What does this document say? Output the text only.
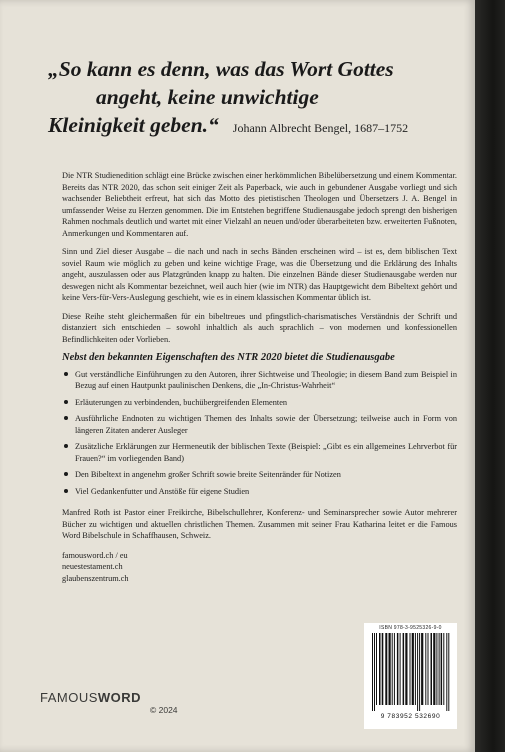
„So kann es denn, was das Wort Gottes
angeht, keine unwichtige
Kleinigkeit geben.“ Johann Albrecht Bengel, 1687–1752

Die NTR Studienedition schlägt eine Brücke zwischen einer herkömmlichen Bibelübersetzung und einem Kommentar. Bereits das NTR 2020, das schon seit einiger Zeit als Paperback, wie auch in gebundener Ausgabe vorliegt und sich wachsender Beliebtheit erfreut, hat sich das Motto des pietistischen Theologen und Übersetzers J. A. Bengel in umfassender Weise zu Herzen genommen. Die im Entstehen begriffene Studienausgabe jedoch sprengt den bisherigen Rahmen nochmals deutlich und wartet mit einer Vielzahl an neuen und/oder überarbeiteten bzw. erweiterten Fußnoten, Anmerkungen und Kommentaren auf.

Sinn und Ziel dieser Ausgabe – die nach und nach in sechs Bänden erscheinen wird – ist es, dem biblischen Text soviel Raum wie möglich zu geben und keine wichtige Frage, was die Übersetzung und die Erklärung des Inhalts angeht, auszulassen oder aus Platzgründen knapp zu halten. Die einzelnen Bände dieser Studienausgabe werden nur deswegen nicht als Kommentar bezeichnet, weil auch hier (wie im NTR) das Hauptgewicht dem Bibeltext gehört und keine Vers-für-Vers-Auslegung geschieht, wie es in einem klassischen Kommentar üblich ist.

Diese Reihe steht gleichermaßen für ein bibeltreues und pfingstlich-charismatisches Verständnis der Schrift und distanziert sich entschieden – sowohl inhaltlich als auch sprachlich – von modernen und konfessionellen Befindlichkeiten oder Vorlieben.

Nebst den bekannten Eigenschaften des NTR 2020 bietet die Studienausgabe
Gut verständliche Einführungen zu den Autoren, ihrer Sichtweise und Theologie; in diesem Band zum Beispiel in Bezug auf einen Hautpunkt paulinischen Denkens, die „In-Christus-Wahrheit“
Erläuterungen zu verbindenden, buchübergreifenden Elementen
Ausführliche Endnoten zu wichtigen Themen des Inhalts sowie der Übersetzung; teilweise auch in Form von längeren Zitaten anderer Ausleger
Zusätzliche Erklärungen zur Hermeneutik der biblischen Texte (Beispiel: „Gibt es ein allgemeines Lehrverbot für Frauen?“ im vorliegenden Band)
Den Bibeltext in angenehm großer Schrift sowie breite Seitenränder für Notizen
Viel Gedankenfutter und Anstöße für eigene Studien

Manfred Roth ist Pastor einer Freikirche, Bibelschullehrer, Konferenz- und Seminarsprecher sowie Autor mehrerer Bücher zu wichtigen und aktuellen christlichen Themen. Zusammen mit seiner Frau Katharina leitet er die Famous Word Bibelschule in Schaffhausen, Schweiz.

famousword.ch / eu
neuestestament.ch
glaubenszentrum.ch
FAMOUS WORD
© 2024
ISBN 978-3-9525326-9-0
9 783952 532690
